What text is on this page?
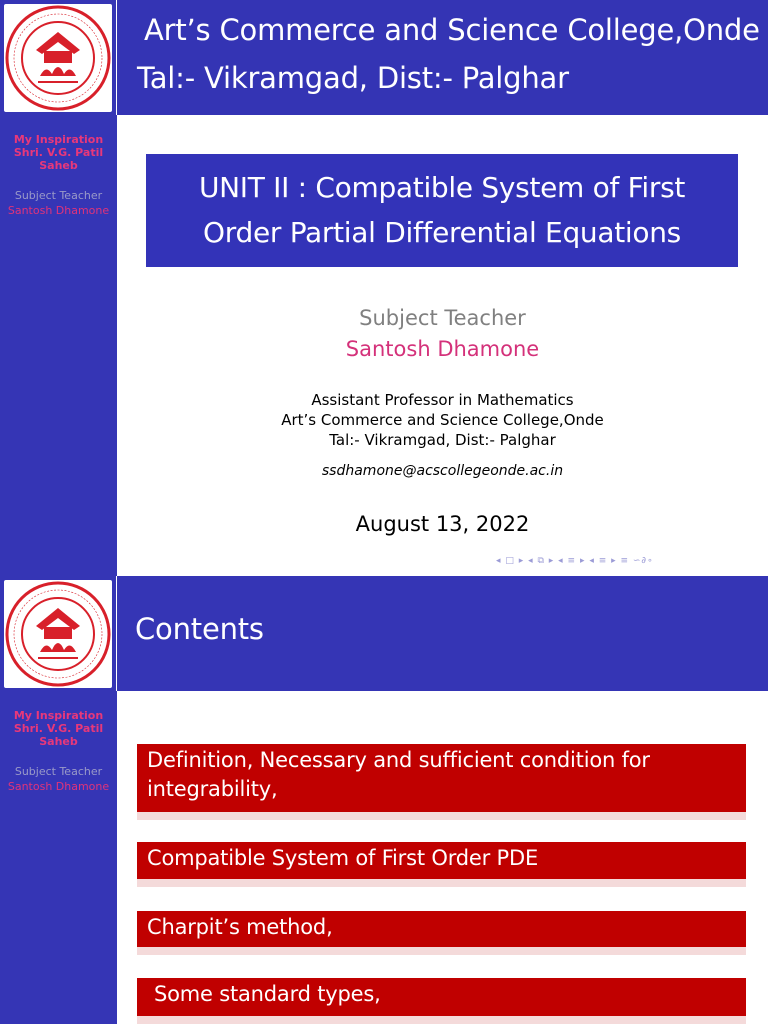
Art’s Commerce and Science College,Onde
Tal:- Vikramgad, Dist:- Palghar
My Inspiration
Shri. V.G. Patil
Saheb
Subject Teacher
Santosh Dhamone
UNIT II : Compatible System of First
Order Partial Differential Equations
Subject Teacher
Santosh Dhamone
Assistant Professor in Mathematics
Art’s Commerce and Science College,Onde
Tal:- Vikramgad, Dist:- Palghar
ssdhamone@acscollegeonde.ac.in
August 13, 2022
◂ □ ▸ ◂ ⧉ ▸ ◂ ≡ ▸ ◂ ≡ ▸ ≡ ∽∂∘
Contents
My Inspiration
Shri. V.G. Patil
Saheb
Subject Teacher
Santosh Dhamone
Definition, Necessary and sufficient condition for
integrability,
Compatible System of First Order PDE
Charpit’s method,
Some standard types,
